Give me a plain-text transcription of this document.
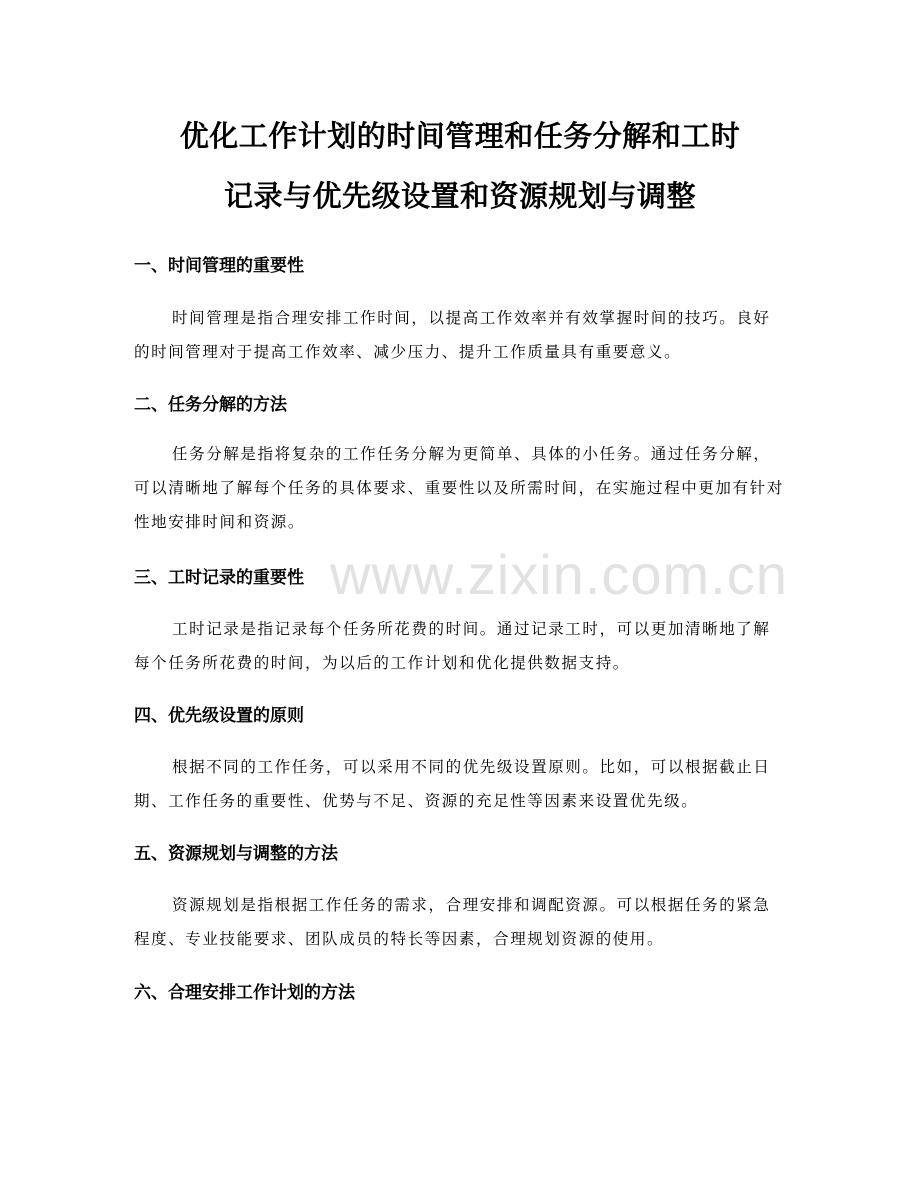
www.zixin.com.cn
优化工作计划的时间管理和任务分解和工时
记录与优先级设置和资源规划与调整
一、时间管理的重要性

时间管理是指合理安排工作时间，以提高工作效率并有效掌握时间的技巧。良好的时间管理对于提高工作效率、减少压力、提升工作质量具有重要意义。

二、任务分解的方法

任务分解是指将复杂的工作任务分解为更简单、具体的小任务。通过任务分解，可以清晰地了解每个任务的具体要求、重要性以及所需时间，在实施过程中更加有针对性地安排时间和资源。

三、工时记录的重要性

工时记录是指记录每个任务所花费的时间。通过记录工时，可以更加清晰地了解每个任务所花费的时间，为以后的工作计划和优化提供数据支持。

四、优先级设置的原则

根据不同的工作任务，可以采用不同的优先级设置原则。比如，可以根据截止日期、工作任务的重要性、优势与不足、资源的充足性等因素来设置优先级。

五、资源规划与调整的方法

资源规划是指根据工作任务的需求，合理安排和调配资源。可以根据任务的紧急程度、专业技能要求、团队成员的特长等因素，合理规划资源的使用。

六、合理安排工作计划的方法
